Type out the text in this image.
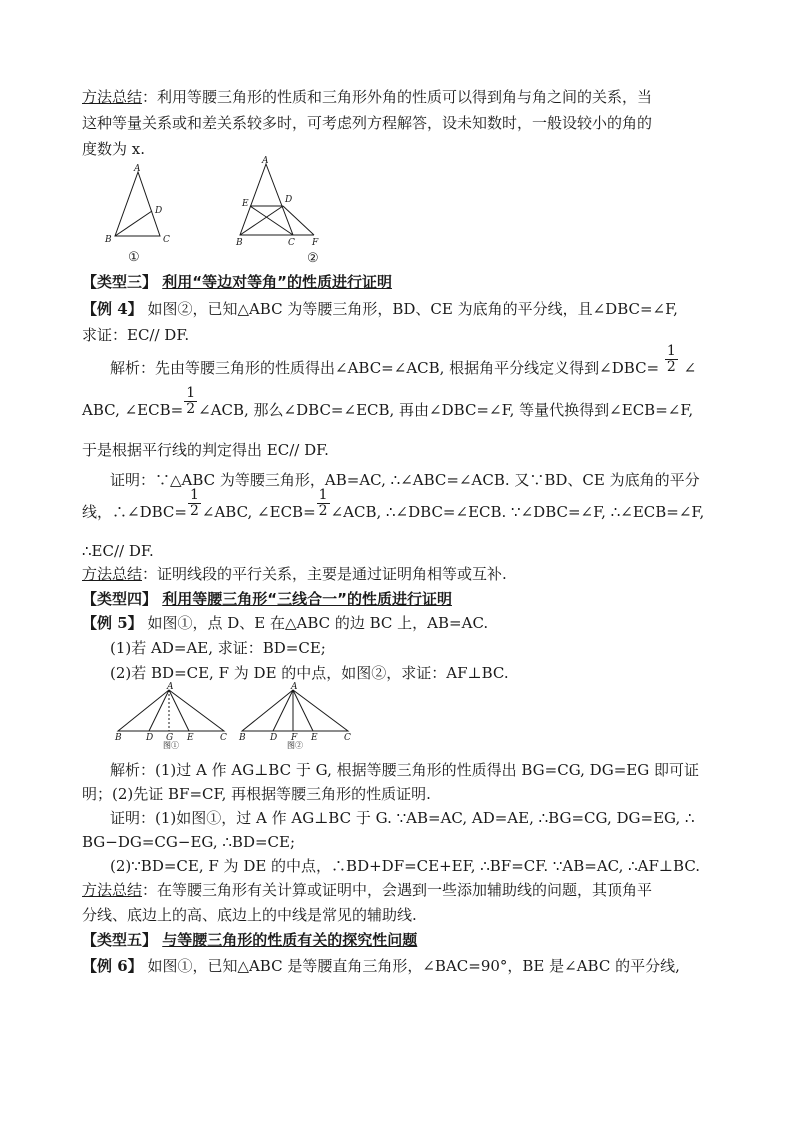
方法总结：利用等腰三角形的性质和三角形外角的性质可以得到角与角之间的关系，当
这种等量关系或和差关系较多时，可考虑列方程解答，设未知数时，一般设较小的角的
度数为 x.
A
B	C
D
①
A
E	D
B	C F
②
【类型三】 利用“等边对等角”的性质进行证明
【例 4】 如图②，已知△ABC 为等腰三角形，BD、CE 为底角的平分线，且∠DBC=∠F,
求证：EC// DF.
解析：先由等腰三角形的性质得出∠ABC=∠ACB, 根据角平分线定义得到∠DBC= $\frac{1}{2}$ ∠
ABC, ∠ECB= $\frac{1}{2}$ ∠ACB, 那么∠DBC=∠ECB, 再由∠DBC=∠F, 等量代换得到∠ECB=∠F,
于是根据平行线的判定得出 EC// DF.
证明：∵△ABC 为等腰三角形，AB=AC, ∴∠ABC=∠ACB. 又∵BD、CE 为底角的平分
线，∴∠DBC= $\frac{1}{2}$ ∠ABC, ∠ECB= $\frac{1}{2}$ ∠ACB, ∴∠DBC=∠ECB. ∵∠DBC=∠F, ∴∠ECB=∠F,
∴EC// DF.
方法总结：证明线段的平行关系，主要是通过证明角相等或互补.
【类型四】 利用等腰三角形“三线合一”的性质进行证明
【例 5】 如图①，点 D、E 在△ABC 的边 BC 上，AB=AC.
(1)若 AD=AE, 求证：BD=CE;
(2)若 BD=CE, F 为 DE 的中点，如图②，求证：AF⊥BC.
A
B	D G E	C
图①
A
B	D F E	C
图②
解析：(1)过 A 作 AG⊥BC 于 G, 根据等腰三角形的性质得出 BG=CG, DG=EG 即可证
明；(2)先证 BF=CF, 再根据等腰三角形的性质证明.
证明：(1)如图①，过 A 作 AG⊥BC 于 G. ∵AB=AC, AD=AE, ∴BG=CG, DG=EG, ∴
BG−DG=CG−EG, ∴BD=CE;
(2)∵BD=CE, F 为 DE 的中点，∴BD+DF=CE+EF, ∴BF=CF. ∵AB=AC, ∴AF⊥BC.
方法总结：在等腰三角形有关计算或证明中，会遇到一些添加辅助线的问题，其顶角平
分线、底边上的高、底边上的中线是常见的辅助线.
【类型五】 与等腰三角形的性质有关的探究性问题
【例 6】 如图①，已知△ABC 是等腰直角三角形，∠BAC=90°，BE 是∠ABC 的平分线,
